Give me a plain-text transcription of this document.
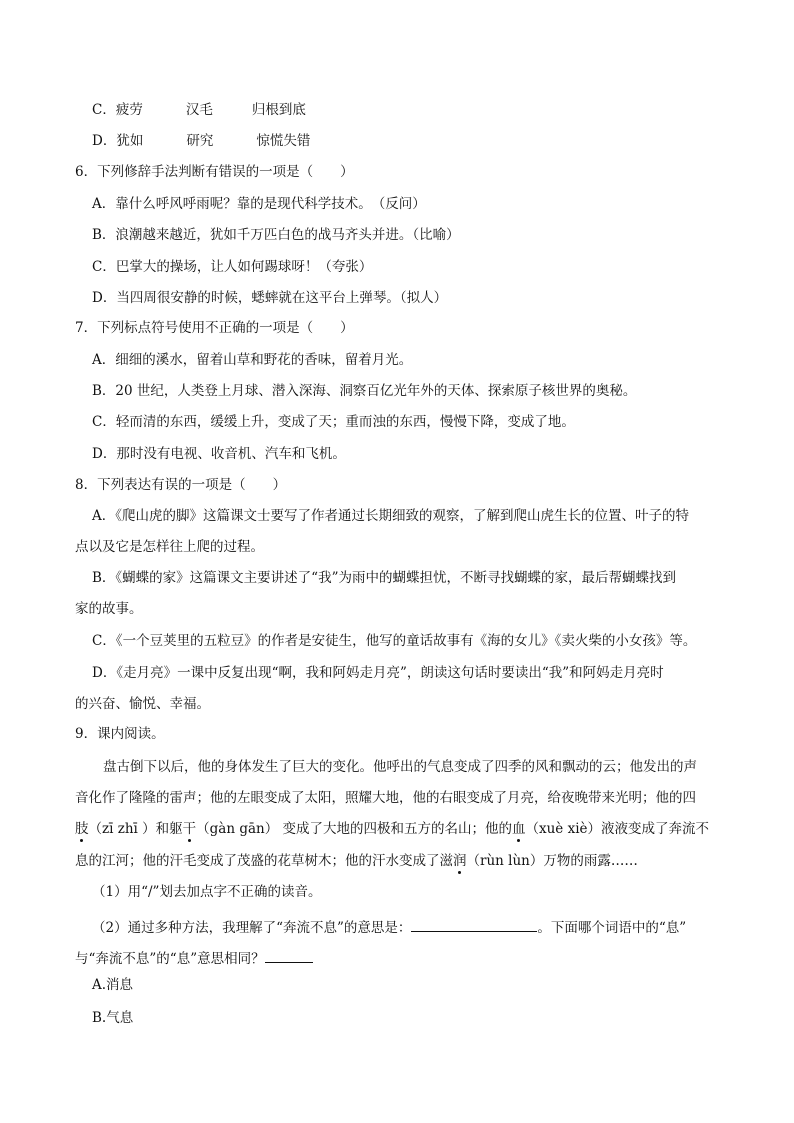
C．疲劳	汉毛	归根到底
D．犹如	研究	惊慌失错
6．下列修辞手法判断有错误的一项是（　　）
A．靠什么呼风呼雨呢？靠的是现代科学技术。　（反问）
B．浪潮越来越近，犹如千万匹白色的战马齐头并进。（比喻）
C．巴掌大的操场，让人如何踢球呀！（夸张）
D．当四周很安静的时候，蟋蟀就在这平台上弹琴。（拟人）
7．下列标点符号使用不正确的一项是（　　）
A．细细的溪水，留着山草和野花的香味，留着月光。
B．20 世纪，人类登上月球、潜入深海、洞察百亿光年外的天体、探索原子核世界的奥秘。
C．轻而清的东西，缓缓上升，变成了天；重而浊的东西，慢慢下降，变成了地。
D．那时没有电视、收音机、汽车和飞机。
8．下列表达有误的一项是（　　）
A．《爬山虎的脚》这篇课文士要写了作者通过长期细致的观察，了解到爬山虎生长的位置、叶子的特
点以及它是怎样往上爬的过程。
B．《蝴蝶的家》这篇课文主要讲述了“我”为雨中的蝴蝶担忧，不断寻找蝴蝶的家，最后帮蝴蝶找到
家的故事。
C．《一个豆荚里的五粒豆》的作者是安徒生，他写的童话故事有《海的女儿》《卖火柴的小女孩》等。
D．《走月亮》一课中反复出现“啊，我和阿妈走月亮”，朗读这句话时要读出“我”和阿妈走月亮时
的兴奋、愉悦、幸福。
9．课内阅读。
盘古倒下以后，他的身体发生了巨大的变化。他呼出的气息变成了四季的风和飘动的云；他发出的声
音化作了隆隆的雷声；他的左眼变成了太阳，照耀大地，他的右眼变成了月亮，给夜晚带来光明；他的四
肢（zī zhī ）和躯干（gàn gān） 变成了大地的四极和五方的名山；他的血（xuè xiè）液液变成了奔流不
息的江河；他的汗毛变成了茂盛的花草树木；他的汗水变成了滋润（rùn lùn）万物的雨露……
（1）用“/”划去加点字不正确的读音。
（2）通过多种方法，我理解了“奔流不息”的意思是：	。下面哪个词语中的“息”
与“奔流不息”的“息”意思相同？
A.消息
B.气息
